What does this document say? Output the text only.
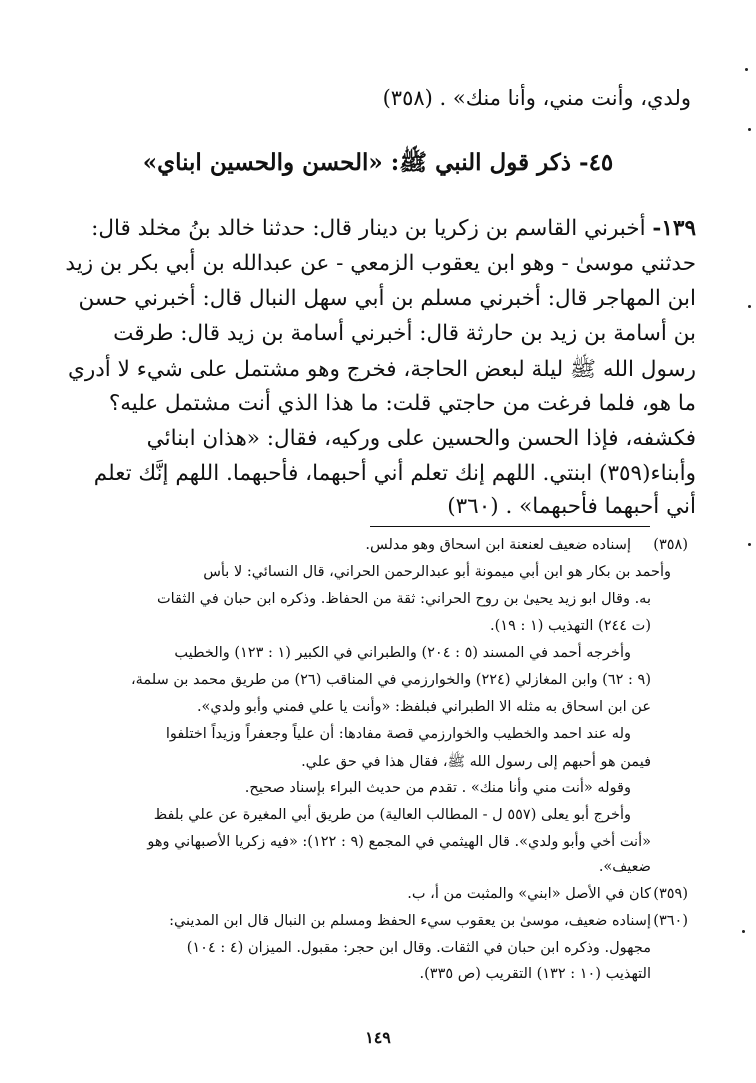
ولدي، وأنت مني، وأنا منك» . (٣٥٨)
٤٥- ذكر قول النبي ﷺ: «الحسن والحسين ابناي»
١٣٩- أخبرني القاسم بن زكريا بن دينار قال: حدثنا خالد بنُ مخلد قال:
حدثني موسىٰ - وهو ابن يعقوب الزمعي - عن عبدالله بن أبي بكر بن زيد
ابن المهاجر قال: أخبرني مسلم بن أبي سهل النبال قال: أخبرني حسن
بن أسامة بن زيد بن حارثة قال: أخبرني أسامة بن زيد قال: طرقت
رسول الله ﷺ ليلة لبعض الحاجة، فخرج وهو مشتمل على شيء لا أدري
ما هو، فلما فرغت من حاجتي قلت: ما هذا الذي أنت مشتمل عليه؟
فكشفه، فإذا الحسن والحسين على وركيه، فقال: «هذان ابنائي
وأبناء(٣٥٩) ابنتي. اللهم إنك تعلم أني أحبهما، فأحبهما. اللهم إنَّك تعلم
أني أحبهما فأحبهما» . (٣٦٠)
(٣٥٨)
إسناده ضعيف لعنعنة ابن اسحاق وهو مدلس.
وأحمد بن بكار هو ابن أبي ميمونة أبو عبدالرحمن الحراني، قال النسائي: لا بأس
به. وقال ابو زيد يحيىٰ بن روح الحراني: ثقة من الحفاظ. وذكره ابن حبان في الثقات
(ت ٢٤٤) التهذيب (١ : ١٩).
وأخرجه أحمد في المسند (٥ : ٢٠٤) والطبراني في الكبير (١ : ١٢٣) والخطيب
(٩ : ٦٢) وابن المغازلي (٢٢٤) والخوارزمي في المناقب (٢٦) من طريق محمد بن سلمة،
عن ابن اسحاق به مثله الا الطبراني فبلفظ: «وأنت يا علي فمني وأبو ولدي».
وله عند احمد والخطيب والخوارزمي قصة مفادها: أن علياً وجعفراً وزيداً اختلفوا
فيمن هو أحبهم إلى رسول الله ﷺ، فقال هذا في حق علي.
وقوله «أنت مني وأنا منك» . تقدم من حديث البراء بإسناد صحيح.
وأخرج أبو يعلى (٥٥٧ ل - المطالب العالية) من طريق أبي المغيرة عن علي بلفظ
«أنت أخي وأبو ولدي». قال الهيثمي في المجمع (٩ : ١٢٢): «فيه زكريا الأصبهاني وهو
ضعيف».
(٣٥٩)
كان في الأصل «ابني» والمثبت من أ، ب.
(٣٦٠)
إسناده ضعيف، موسىٰ بن يعقوب سيء الحفظ ومسلم بن النبال قال ابن المديني:
مجهول. وذكره ابن حبان في الثقات. وقال ابن حجر: مقبول. الميزان (٤ : ١٠٤)
التهذيب (١٠ : ١٣٢) التقريب (ص ٣٣٥).
١٤٩
